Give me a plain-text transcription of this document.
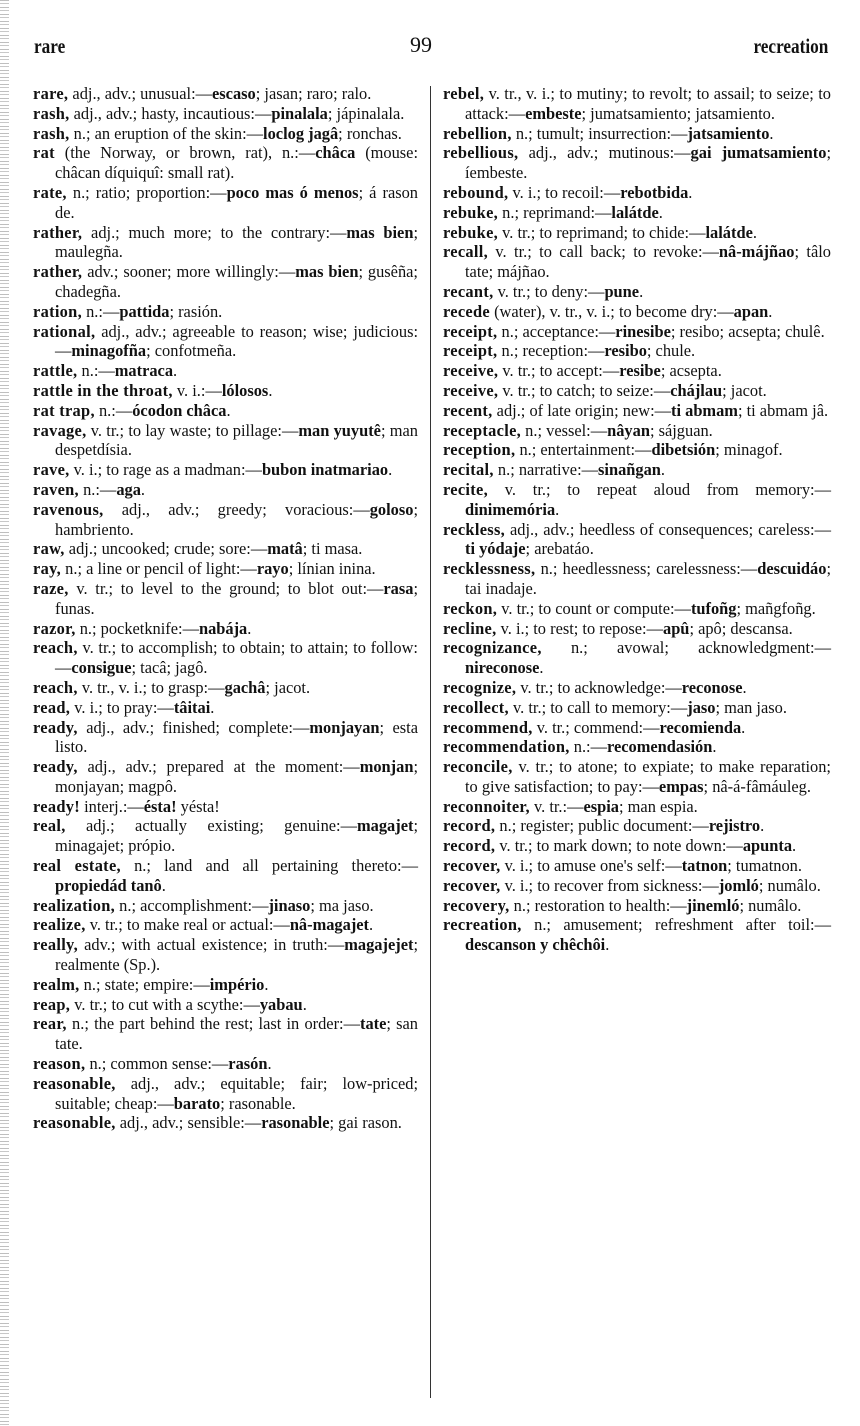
rare	99	recreation

rare, adj., adv.; unusual:—escaso; jasan; raro; ralo.

rash, adj., adv.; hasty, incautious:—pinalala; jápinalala.

rash, n.; an eruption of the skin:—loclog jagâ; ronchas.

rat (the Norway, or brown, rat), n.:—châca (mouse: châcan díquiquî: small rat).

rate, n.; ratio; proportion:—poco mas ó menos; á rason de.

rather, adj.; much more; to the contrary:—mas bien; maulegña.

rather, adv.; sooner; more willingly:—mas bien; gusêña; chadegña.

ration, n.:—pattida; rasión.

rational, adj., adv.; agreeable to reason; wise; judicious:—minagofña; confotmeña.

rattle, n.:—matraca.

rattle in the throat, v. i.:—lólosos.

rat trap, n.:—ócodon châca.

ravage, v. tr.; to lay waste; to pillage:—man yuyutê; man despetdísia.

rave, v. i.; to rage as a madman:—bubon inatmariao.

raven, n.:—aga.

ravenous, adj., adv.; greedy; voracious:—goloso; hambriento.

raw, adj.; uncooked; crude; sore:—matâ; ti masa.

ray, n.; a line or pencil of light:—rayo; línian inina.

raze, v. tr.; to level to the ground; to blot out:—rasa; funas.

razor, n.; pocketknife:—nabája.

reach, v. tr.; to accomplish; to obtain; to attain; to follow:—consigue; tacâ; jagô.

reach, v. tr., v. i.; to grasp:—gachâ; jacot.

read, v. i.; to pray:—tâitai.

ready, adj., adv.; finished; complete:—monjayan; esta listo.

ready, adj., adv.; prepared at the moment:—monjan; monjayan; magpô.

ready! interj.:—ésta! yésta!

real, adj.; actually existing; genuine:—magajet; minagajet; própio.

real estate, n.; land and all pertaining thereto:—propiedád tanô.

realization, n.; accomplishment:—jinaso; ma jaso.

realize, v. tr.; to make real or actual:—nâ-magajet.

really, adv.; with actual existence; in truth:—magajejet; realmente (Sp.).

realm, n.; state; empire:—império.

reap, v. tr.; to cut with a scythe:—yabau.

rear, n.; the part behind the rest; last in order:—tate; san tate.

reason, n.; common sense:—rasón.

reasonable, adj., adv.; equitable; fair; low-priced; suitable; cheap:—barato; rasonable.

reasonable, adj., adv.; sensible:—rasonable; gai rason.

rebel, v. tr., v. i.; to mutiny; to revolt; to assail; to seize; to attack:—embeste; jumatsamiento; jatsamiento.

rebellion, n.; tumult; insurrection:—jatsamiento.

rebellious, adj., adv.; mutinous:—gai jumatsamiento; íembeste.

rebound, v. i.; to recoil:—rebotbida.

rebuke, n.; reprimand:—lalátde.

rebuke, v. tr.; to reprimand; to chide:—lalátde.

recall, v. tr.; to call back; to revoke:—nâ-májñao; tâlo tate; májñao.

recant, v. tr.; to deny:—pune.

recede (water), v. tr., v. i.; to become dry:—apan.

receipt, n.; acceptance:—rinesibe; resibo; acsepta; chulê.

receipt, n.; reception:—resibo; chule.

receive, v. tr.; to accept:—resibe; acsepta.

receive, v. tr.; to catch; to seize:—chájlau; jacot.

recent, adj.; of late origin; new:—ti abmam; ti abmam jâ.

receptacle, n.; vessel:—nâyan; sájguan.

reception, n.; entertainment:—dibetsión; minagof.

recital, n.; narrative:—sinañgan.

recite, v. tr.; to repeat aloud from memory:—dinimemória.

reckless, adj., adv.; heedless of consequences; careless:—ti yódaje; arebatáo.

recklessness, n.; heedlessness; carelessness:—descuidáo; tai inadaje.

reckon, v. tr.; to count or compute:—tufoñg; mañgfoñg.

recline, v. i.; to rest; to repose:—apû; apô; descansa.

recognizance, n.; avowal; acknowledgment:—nireconose.

recognize, v. tr.; to acknowledge:—reconose.

recollect, v. tr.; to call to memory:—jaso; man jaso.

recommend, v. tr.; commend:—recomienda.

recommendation, n.:—recomendasión.

reconcile, v. tr.; to atone; to expiate; to make reparation; to give satisfaction; to pay:—empas; nâ-á-fâmáuleg.

reconnoiter, v. tr.:—espia; man espia.

record, n.; register; public document:—rejistro.

record, v. tr.; to mark down; to note down:—apunta.

recover, v. i.; to amuse one's self:—tatnon; tumatnon.

recover, v. i.; to recover from sickness:—jomló; numâlo.

recovery, n.; restoration to health:—jinemló; numâlo.

recreation, n.; amusement; refreshment after toil:—descanson y chêchôi.
